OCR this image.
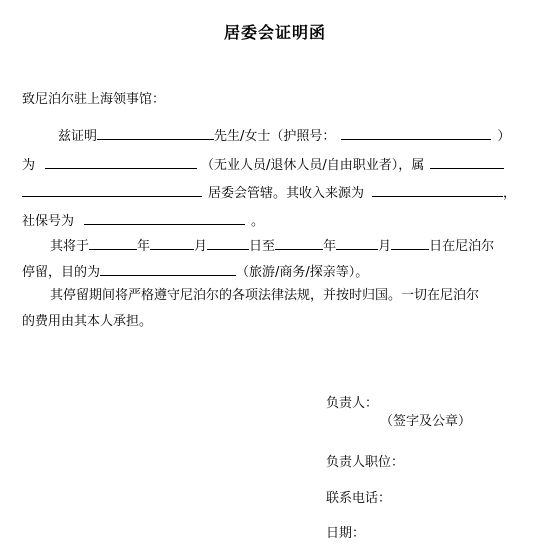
居委会证明函
致尼泊尔驻上海领事馆：
兹证明	先生/女士（护照号：	）
为	（无业人员/退休人员/自由职业者），属
居委会管辖。其收入来源为	，
社保号为	。
其将于	年	月	日至	年	月	日在尼泊尔
停留，目的为	（旅游/商务/探亲等）。
其停留期间将严格遵守尼泊尔的各项法律法规，并按时归国。一切在尼泊尔
的费用由其本人承担。
负责人：
（签字及公章）
负责人职位：
联系电话：
日期：
